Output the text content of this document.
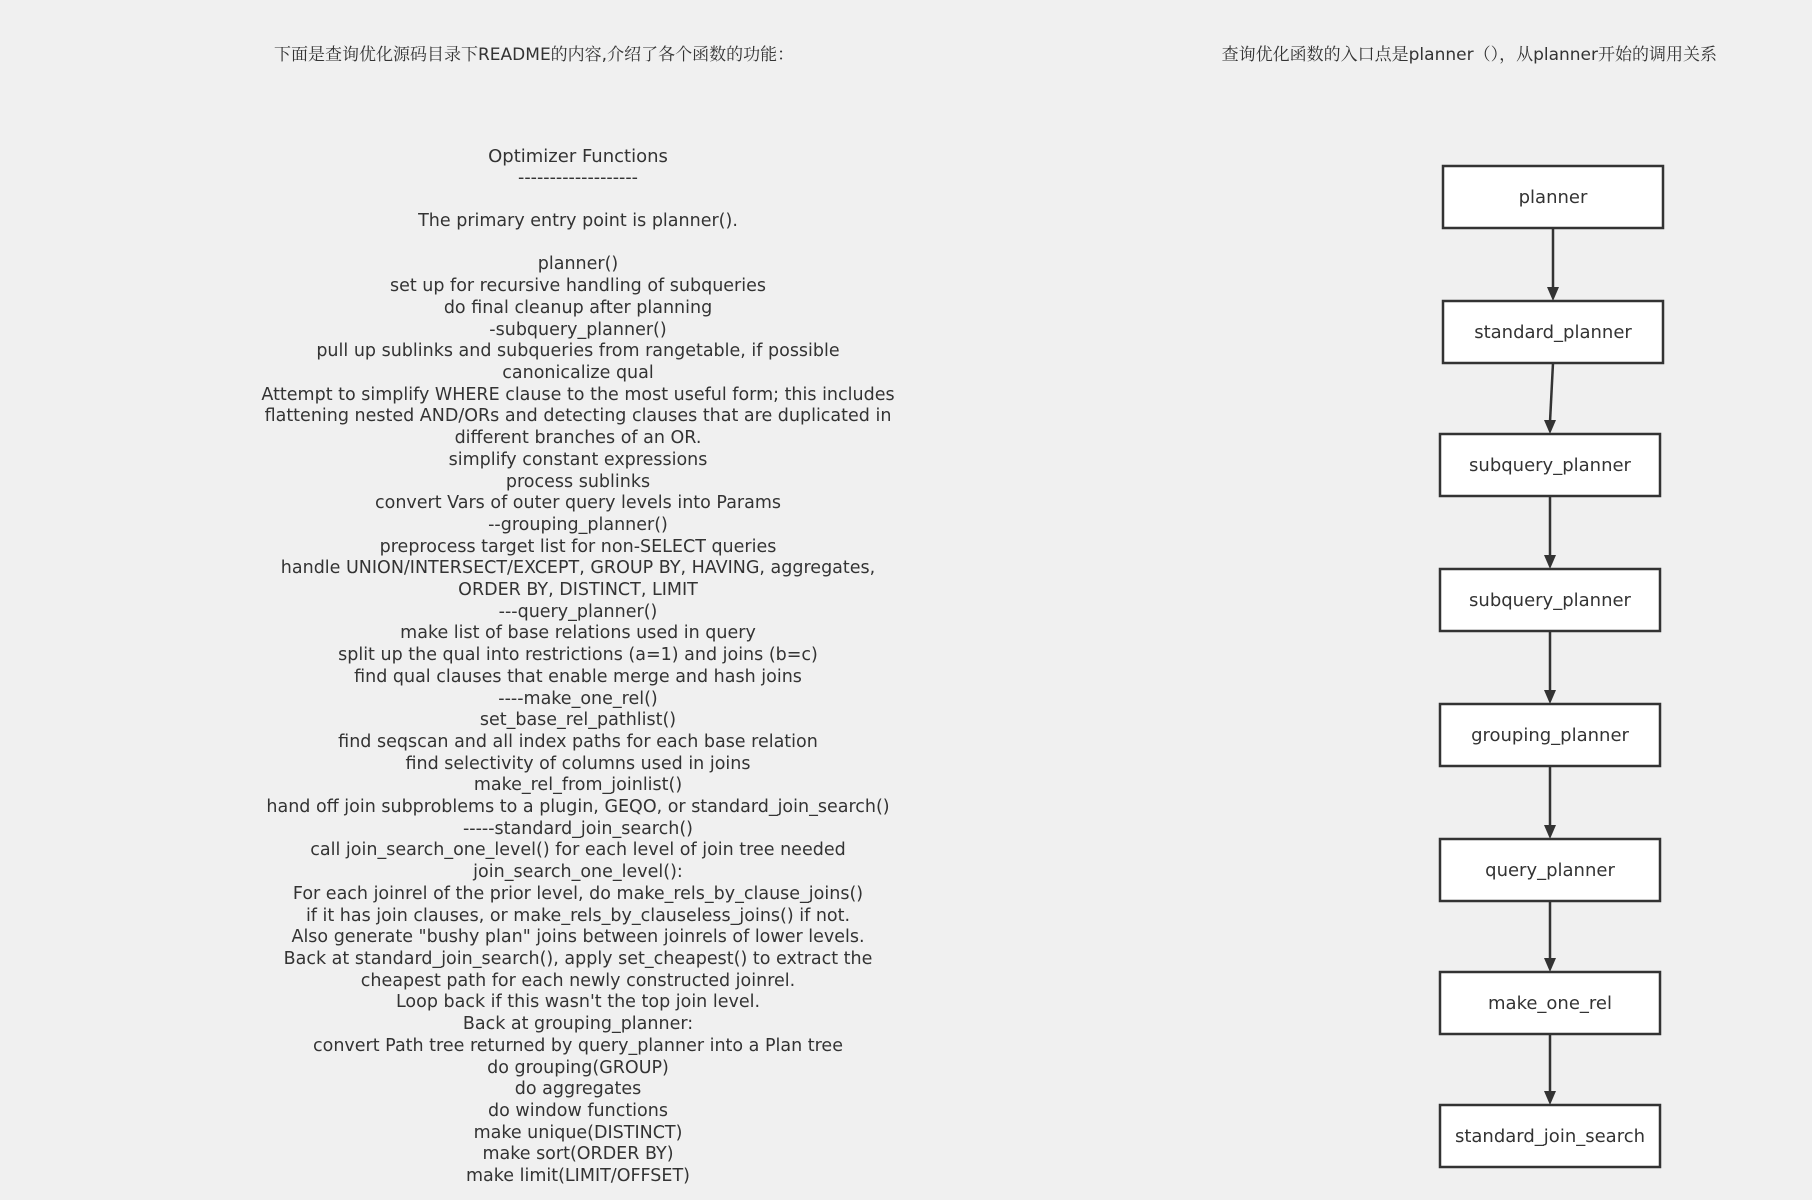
下面是查询优化源码目录下README的内容,介绍了各个函数的功能：	查询优化函数的入口点是planner（），从planner开始的调用关系
Optimizer Functions
-------------------
The primary entry point is planner().
planner()
set up for recursive handling of subqueries
do final cleanup after planning
-subquery_planner()
pull up sublinks and subqueries from rangetable, if possible
canonicalize qual
Attempt to simplify WHERE clause to the most useful form; this includes
flattening nested AND/ORs and detecting clauses that are duplicated in
different branches of an OR.
simplify constant expressions
process sublinks
convert Vars of outer query levels into Params
--grouping_planner()
preprocess target list for non-SELECT queries
handle UNION/INTERSECT/EXCEPT, GROUP BY, HAVING, aggregates,
ORDER BY, DISTINCT, LIMIT
---query_planner()
make list of base relations used in query
split up the qual into restrictions (a=1) and joins (b=c)
find qual clauses that enable merge and hash joins
----make_one_rel()
set_base_rel_pathlist()
find seqscan and all index paths for each base relation
find selectivity of columns used in joins
make_rel_from_joinlist()
hand off join subproblems to a plugin, GEQO, or standard_join_search()
-----standard_join_search()
call join_search_one_level() for each level of join tree needed
join_search_one_level():
For each joinrel of the prior level, do make_rels_by_clause_joins()
if it has join clauses, or make_rels_by_clauseless_joins() if not.
Also generate "bushy plan" joins between joinrels of lower levels.
Back at standard_join_search(), apply set_cheapest() to extract the
cheapest path for each newly constructed joinrel.
Loop back if this wasn't the top join level.
Back at grouping_planner:
convert Path tree returned by query_planner into a Plan tree
do grouping(GROUP)
do aggregates
do window functions
make unique(DISTINCT)
make sort(ORDER BY)
make limit(LIMIT/OFFSET)
planner
standard_planner
subquery_planner
subquery_planner
grouping_planner
query_planner
make_one_rel
standard_join_search
